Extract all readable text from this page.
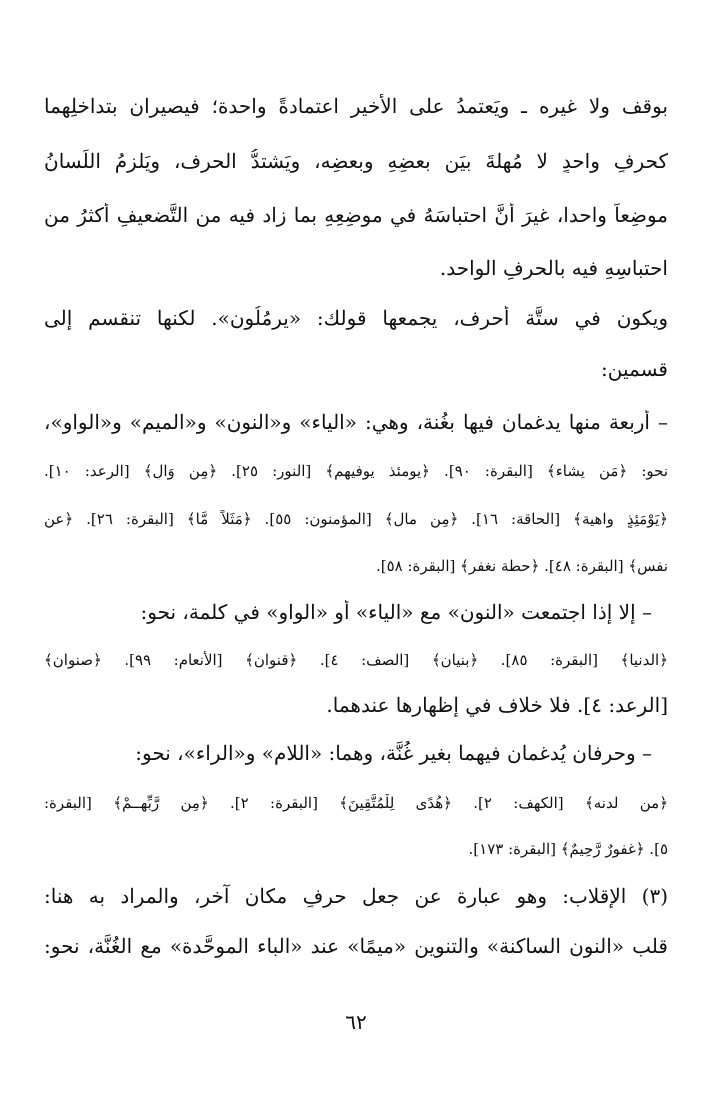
بوقف ولا غيره ـ ويَعتمدُ على الأخيرِ اعتمادةً واحدة؛ فيصيرانِ بتداخلِهما
كحرفٍ واحدٍ لا مُهلةَ بيَن بعضِهِ وبعضِه، ويَشتدُّ الحرف، ويَلزمُ اللِّسانُ
موضِعاً واحدا، غيرَ أنَّ احتباسَهُ في موضِعِهِ بما زاد فيه من التَّضعيفِ أكثرُ من
احتباسِهِ فيه بالحرفِ الواحد.
ويكون في ستَّة أحرف، يجمعها قولك: «يرمُلُون». لكنها تنقسم إلى
قسمين:
– أربعة منها يدغمان فيها بغُنة، وهي: «الياء» و«النون» و«الميم» و«الواو»،
نحو: ﴿مَن يشاء﴾ [البقرة: ٩٠]. ﴿يومئذ يوفيهم﴾ [النور: ٢٥]. ﴿مِن وَالٍ﴾ [الرعد: ١٠].
﴿يَوْمَئِذٍ واهية﴾ [الحاقة: ١٦]. ﴿مِن مال﴾ [المؤمنون: ٥٥]. ﴿مَثَلاً مَّا﴾ [البقرة: ٢٦]. ﴿عن
نفس﴾ [البقرة: ٤٨]. ﴿حطة نغفر﴾ [البقرة: ٥٨].
– إلا إذا اجتمعت «النون» مع «الياء» أو «الواو» في كلمة، نحو:
﴿الدنيا﴾ [البقرة: ٨٥]. ﴿بنيان﴾ [الصف: ٤]. ﴿قنوان﴾ [الأنعام: ٩٩]. ﴿صنوان﴾
[الرعد: ٤]. فلا خلاف في إظهارها عندهما.
– وحرفان يُدغمان فيهما بغير غُنَّة، وهما: «اللام» و«الراء»، نحو:
﴿من لدنه﴾ [الكهف: ٢]. ﴿هُدًى لِلْمُتَّقِينَ﴾ [البقرة: ٢]. ﴿مِن رَّبِّهِــمْ﴾ [البقرة:
٥]. ﴿غفورٌ رَّحِيمٌ﴾ [البقرة: ١٧٣].
(٣) الإقلاب: وهو عبارة عن جعل حرفٍ مكان آخر، والمراد به هنا:
قلب «النون الساكنة» والتنوين «ميمًا» عند «الباء الموحَّدة» مع الغُنَّة، نحو:
٦٢
